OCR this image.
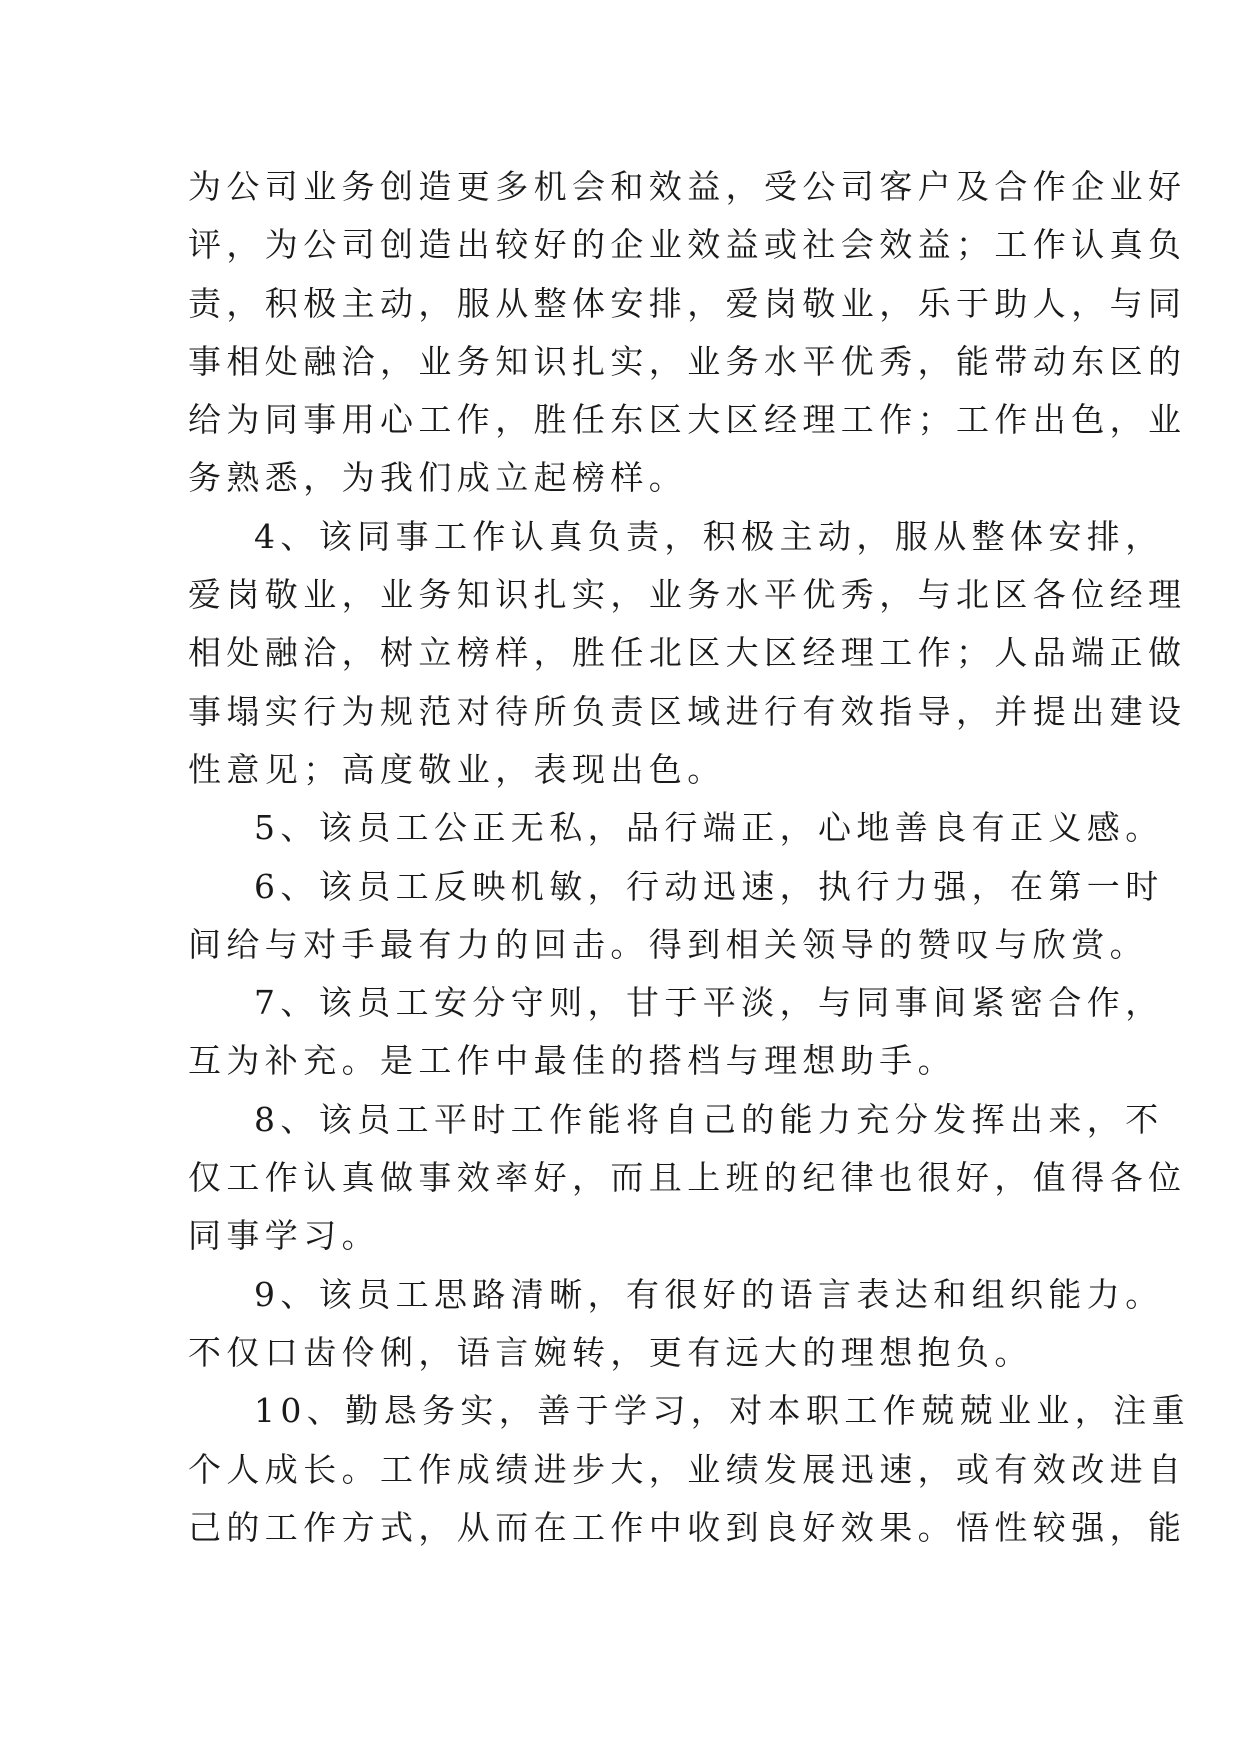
为公司业务创造更多机会和效益，受公司客户及合作企业好
评，为公司创造出较好的企业效益或社会效益；工作认真负
责，积极主动，服从整体安排，爱岗敬业，乐于助人，与同
事相处融洽，业务知识扎实，业务水平优秀，能带动东区的
给为同事用心工作，胜任东区大区经理工作；工作出色，业
务熟悉，为我们成立起榜样。
4、该同事工作认真负责，积极主动，服从整体安排，
爱岗敬业，业务知识扎实，业务水平优秀，与北区各位经理
相处融洽，树立榜样，胜任北区大区经理工作；人品端正做
事塌实行为规范对待所负责区域进行有效指导，并提出建设
性意见；高度敬业，表现出色。
5、该员工公正无私，品行端正，心地善良有正义感。
6、该员工反映机敏，行动迅速，执行力强，在第一时
间给与对手最有力的回击。得到相关领导的赞叹与欣赏。
7、该员工安分守则，甘于平淡，与同事间紧密合作，
互为补充。是工作中最佳的搭档与理想助手。
8、该员工平时工作能将自己的能力充分发挥出来，不
仅工作认真做事效率好，而且上班的纪律也很好，值得各位
同事学习。
9、该员工思路清晰，有很好的语言表达和组织能力。
不仅口齿伶俐，语言婉转，更有远大的理想抱负。
10、勤恳务实，善于学习，对本职工作兢兢业业，注重
个人成长。工作成绩进步大，业绩发展迅速，或有效改进自
己的工作方式，从而在工作中收到良好效果。悟性较强，能
